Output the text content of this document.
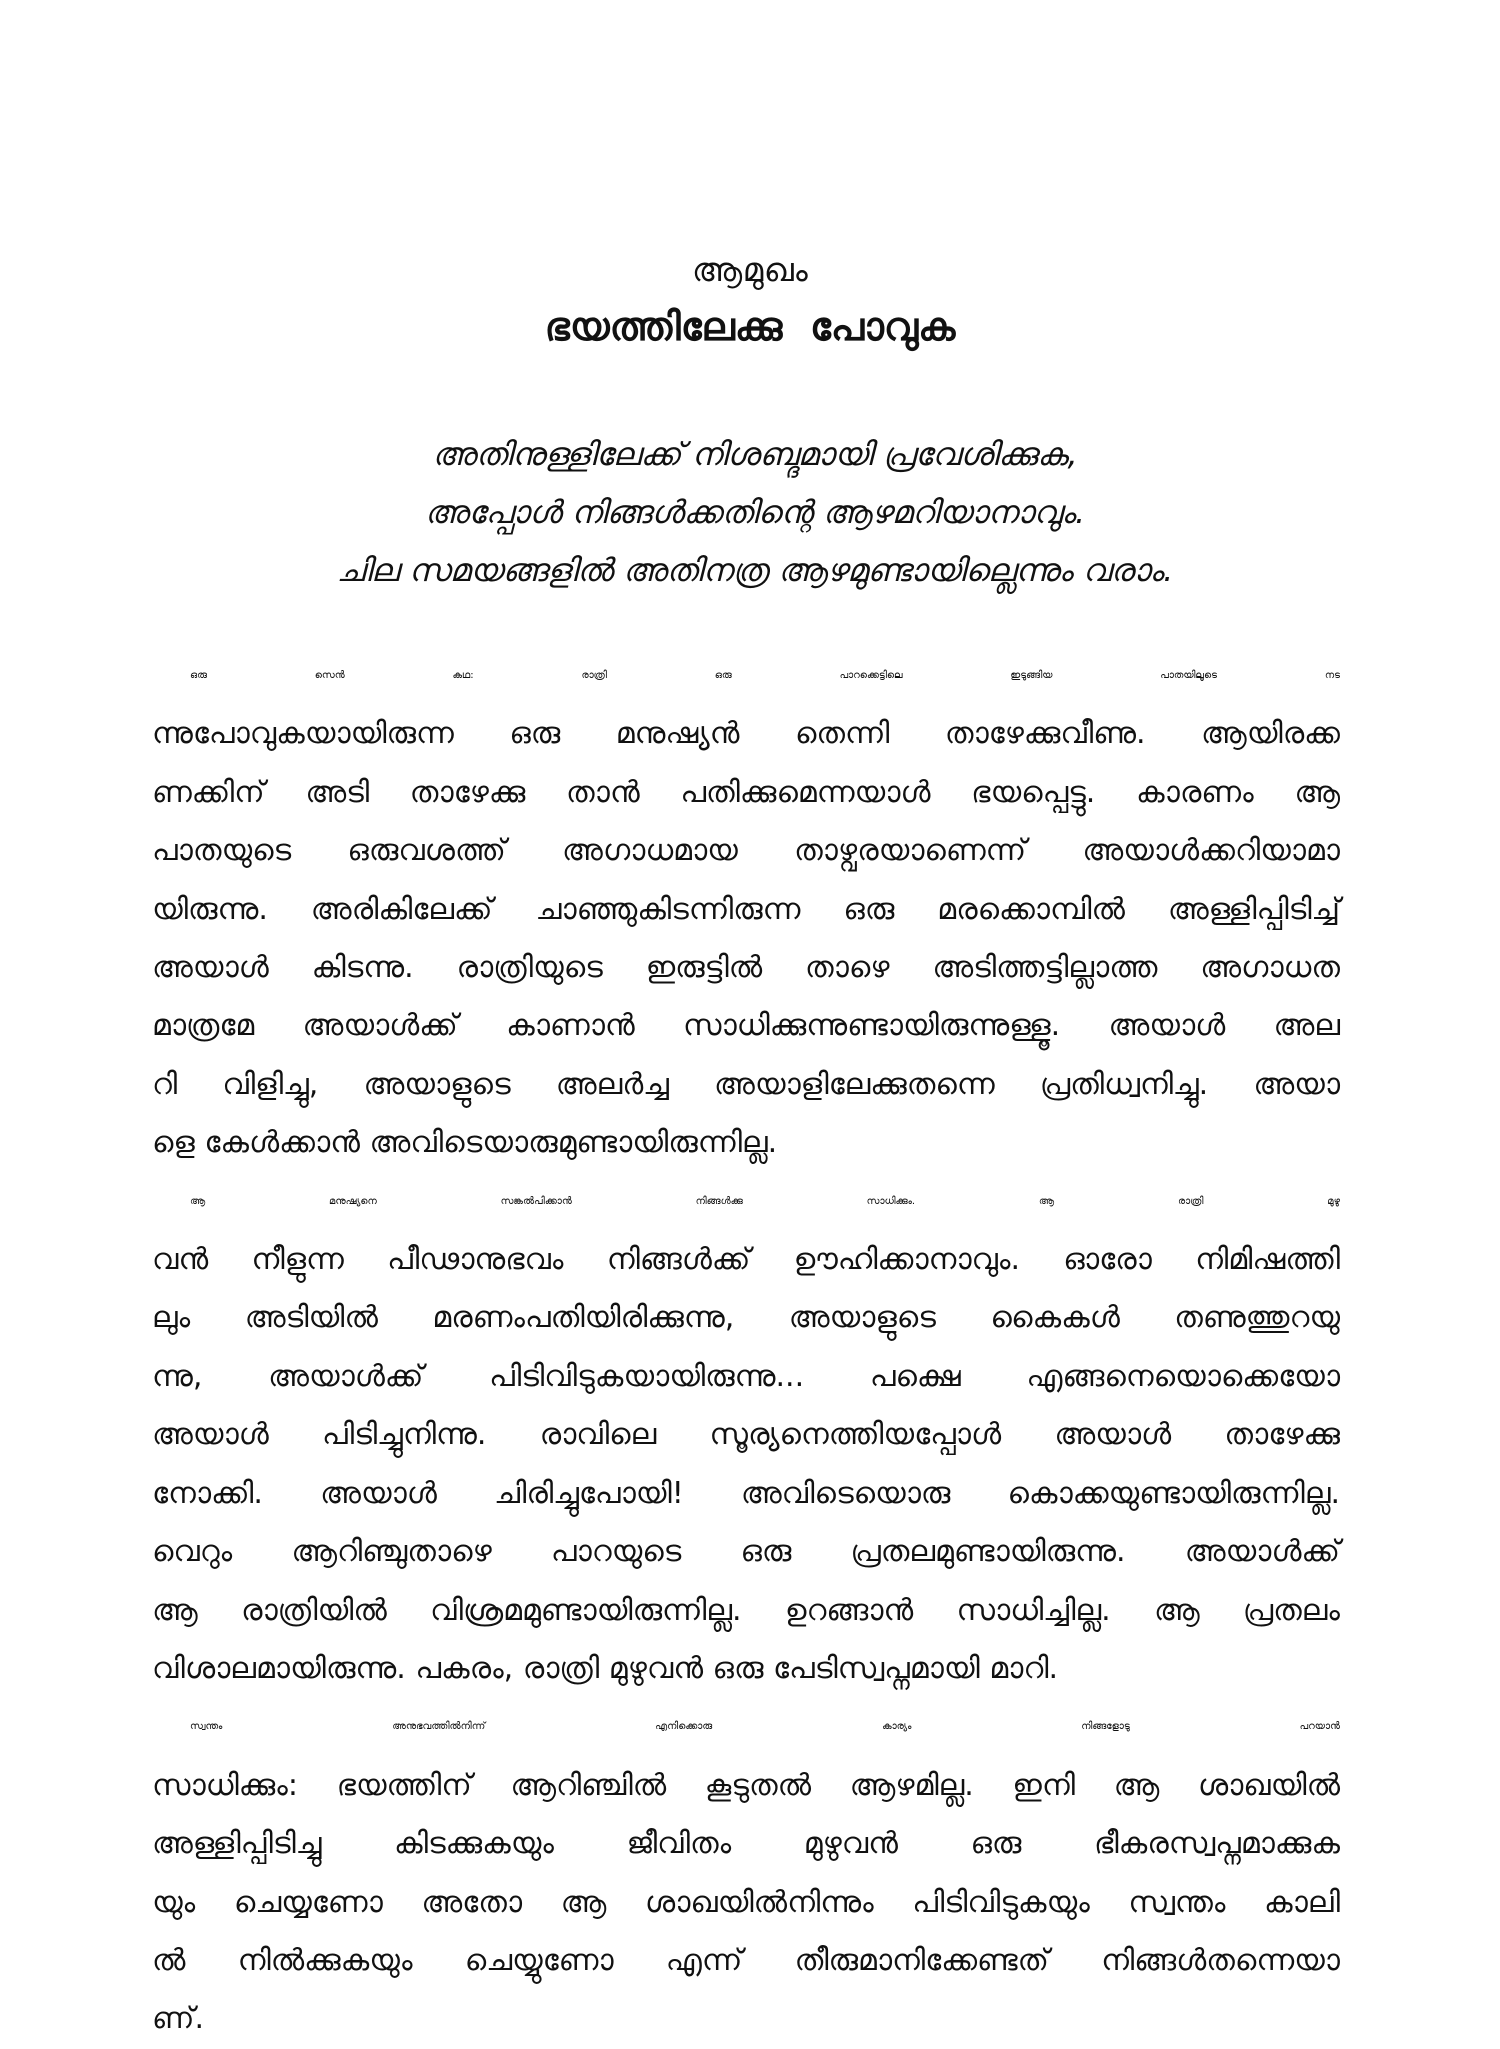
ആമുഖം
ഭയത്തിലേക്കു പോവുക
അതിനുള്ളിലേക്ക് നിശബ്ദമായി പ്രവേശിക്കുക,
അപ്പോൾ നിങ്ങൾക്കതിന്റെ ആഴമറിയാനാവും.
ചില സമയങ്ങളിൽ അതിനത്ര ആഴമുണ്ടായില്ലെന്നും വരാം.
ഒരു സെൻ കഥ: രാത്രി ഒരു പാറക്കെട്ടിലെ ഇടുങ്ങിയ പാതയിലൂടെ നട
ന്നുപോവുകയായിരുന്ന ഒരു മനുഷ്യൻ തെന്നി താഴേക്കുവീണു. ആയിരക്ക
ണക്കിന് അടി താഴേക്കു താൻ പതിക്കുമെന്നയാൾ ഭയപ്പെട്ടു. കാരണം ആ
പാതയുടെ ഒരുവശത്ത് അഗാധമായ താഴ്വരയാണെന്ന് അയാൾക്കറിയാമാ
യിരുന്നു. അരികിലേക്ക് ചാഞ്ഞുകിടന്നിരുന്ന ഒരു മരക്കൊമ്പിൽ അള്ളിപ്പിടിച്ച്
അയാൾ കിടന്നു. രാത്രിയുടെ ഇരുട്ടിൽ താഴെ അടിത്തട്ടില്ലാത്ത അഗാധത
മാത്രമേ അയാൾക്ക് കാണാൻ സാധിക്കുന്നുണ്ടായിരുന്നുള്ളൂ. അയാൾ അല
റി വിളിച്ചു, അയാളുടെ അലർച്ച അയാളിലേക്കുതന്നെ പ്രതിധ്വനിച്ചു. അയാ
ളെ കേൾക്കാൻ അവിടെയാരുമുണ്ടായിരുന്നില്ല.
ആ മനുഷ്യനെ സങ്കൽപിക്കാൻ നിങ്ങൾക്കു സാധിക്കും. ആ രാത്രി മുഴു
വൻ നീളുന്ന പീഢാനുഭവം നിങ്ങൾക്ക് ഊഹിക്കാനാവും. ഓരോ നിമിഷത്തി
ലും അടിയിൽ മരണംപതിയിരിക്കുന്നു, അയാളുടെ കൈകൾ തണുത്തുറയു
ന്നു, അയാൾക്ക് പിടിവിടുകയായിരുന്നു... പക്ഷെ എങ്ങനെയൊക്കെയോ
അയാൾ പിടിച്ചുനിന്നു. രാവിലെ സൂര്യനെത്തിയപ്പോൾ അയാൾ താഴേക്കു
നോക്കി. അയാൾ ചിരിച്ചുപോയി! അവിടെയൊരു കൊക്കയുണ്ടായിരുന്നില്ല.
വെറും ആറിഞ്ചുതാഴെ പാറയുടെ ഒരു പ്രതലമുണ്ടായിരുന്നു. അയാൾക്ക്
ആ രാത്രിയിൽ വിശ്രമമുണ്ടായിരുന്നില്ല. ഉറങ്ങാൻ സാധിച്ചില്ല. ആ പ്രതലം
വിശാലമായിരുന്നു. പകരം, രാത്രി മുഴുവൻ ഒരു പേടിസ്വപ്നമായി മാറി.
സ്വന്തം അനുഭവത്തിൽനിന്ന് എനിക്കൊരു കാര്യം നിങ്ങളോടു പറയാൻ
സാധിക്കും: ഭയത്തിന് ആറിഞ്ചിൽ കൂടുതൽ ആഴമില്ല. ഇനി ആ ശാഖയിൽ
അള്ളിപ്പിടിച്ചു കിടക്കുകയും ജീവിതം മുഴുവൻ ഒരു ഭീകരസ്വപ്നമാക്കുക
യും ചെയ്യണോ അതോ ആ ശാഖയിൽനിന്നും പിടിവിടുകയും സ്വന്തം കാലി
ൽ നിൽക്കുകയും ചെയ്യുണോ എന്ന് തീരുമാനിക്കേണ്ടത് നിങ്ങൾതന്നെയാ
ണ്.
